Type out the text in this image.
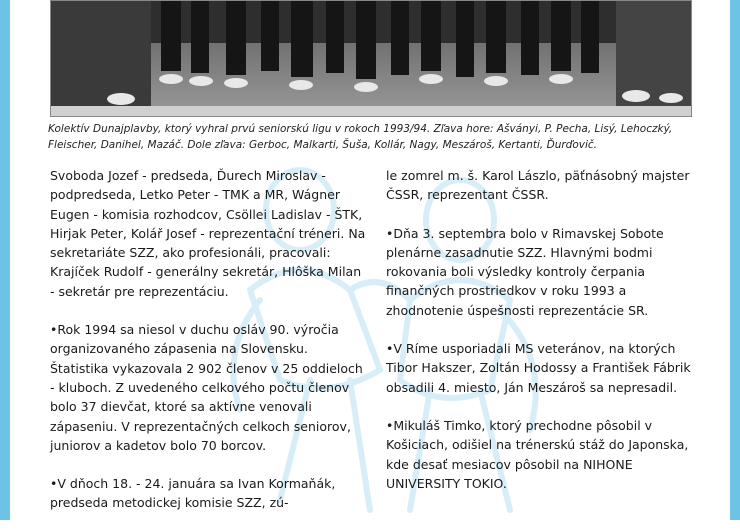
Kolektív Dunajplavby, ktorý vyhral prvú seniorskú ligu v rokoch 1993/94. Zľava hore: Ašványi, P. Pecha, Lisý, Lehoczký, Fleischer, Danihel, Mazáč. Dole zľava: Gerboc, Malkarti, Šuša, Kollár, Nagy, Meszároš, Kertanti, Ďurďovič.

Svoboda Jozef - predseda, Ďurech Miroslav - podpredseda, Letko Peter - TMK a MR, Wágner Eugen - komisia rozhodcov, Csöllei Ladislav - ŠTK, Hirjak Peter, Kolář Josef - reprezentační tréneri. Na sekretariáte SZZ, ako profesionáli, pracovali: Krajíček Rudolf - generálny sekretár, Hlôška Milan - sekretár pre reprezentáciu.

•Rok 1994 sa niesol v duchu osláv 90. výročia organizovaného zápasenia na Slovensku. Štatistika vykazovala 2 902 členov v 25 oddieloch - kluboch. Z uvedeného celkového počtu členov bolo 37 dievčat, ktoré sa aktívne venovali zápaseniu. V reprezentačných celkoch seniorov, juniorov a kadetov bolo 70 borcov.

•V dňoch 18. - 24. januára sa Ivan Kormaňák, predseda metodickej komisie SZZ, zú-

le zomrel m. š. Karol Lászlo, päťnásobný majster ČSSR, reprezentant ČSSR.

•Dňa 3. septembra bolo v Rimavskej Sobote plenárne zasadnutie SZZ. Hlavnými bodmi rokovania boli výsledky kontroly čerpania finančných prostriedkov v roku 1993 a zhodnotenie úspešnosti reprezentácie SR.

•V Ríme usporiadali MS veteránov, na ktorých Tibor Hakszer, Zoltán Hodossy a František Fábrik obsadili 4. miesto, Ján Meszároš sa nepresadil.

•Mikuláš Timko, ktorý prechodne pôsobil v Košiciach, odišiel na trénerskú stáž do Japonska, kde desať mesiacov pôsobil na NIHONE UNIVERSITY TOKIO.
